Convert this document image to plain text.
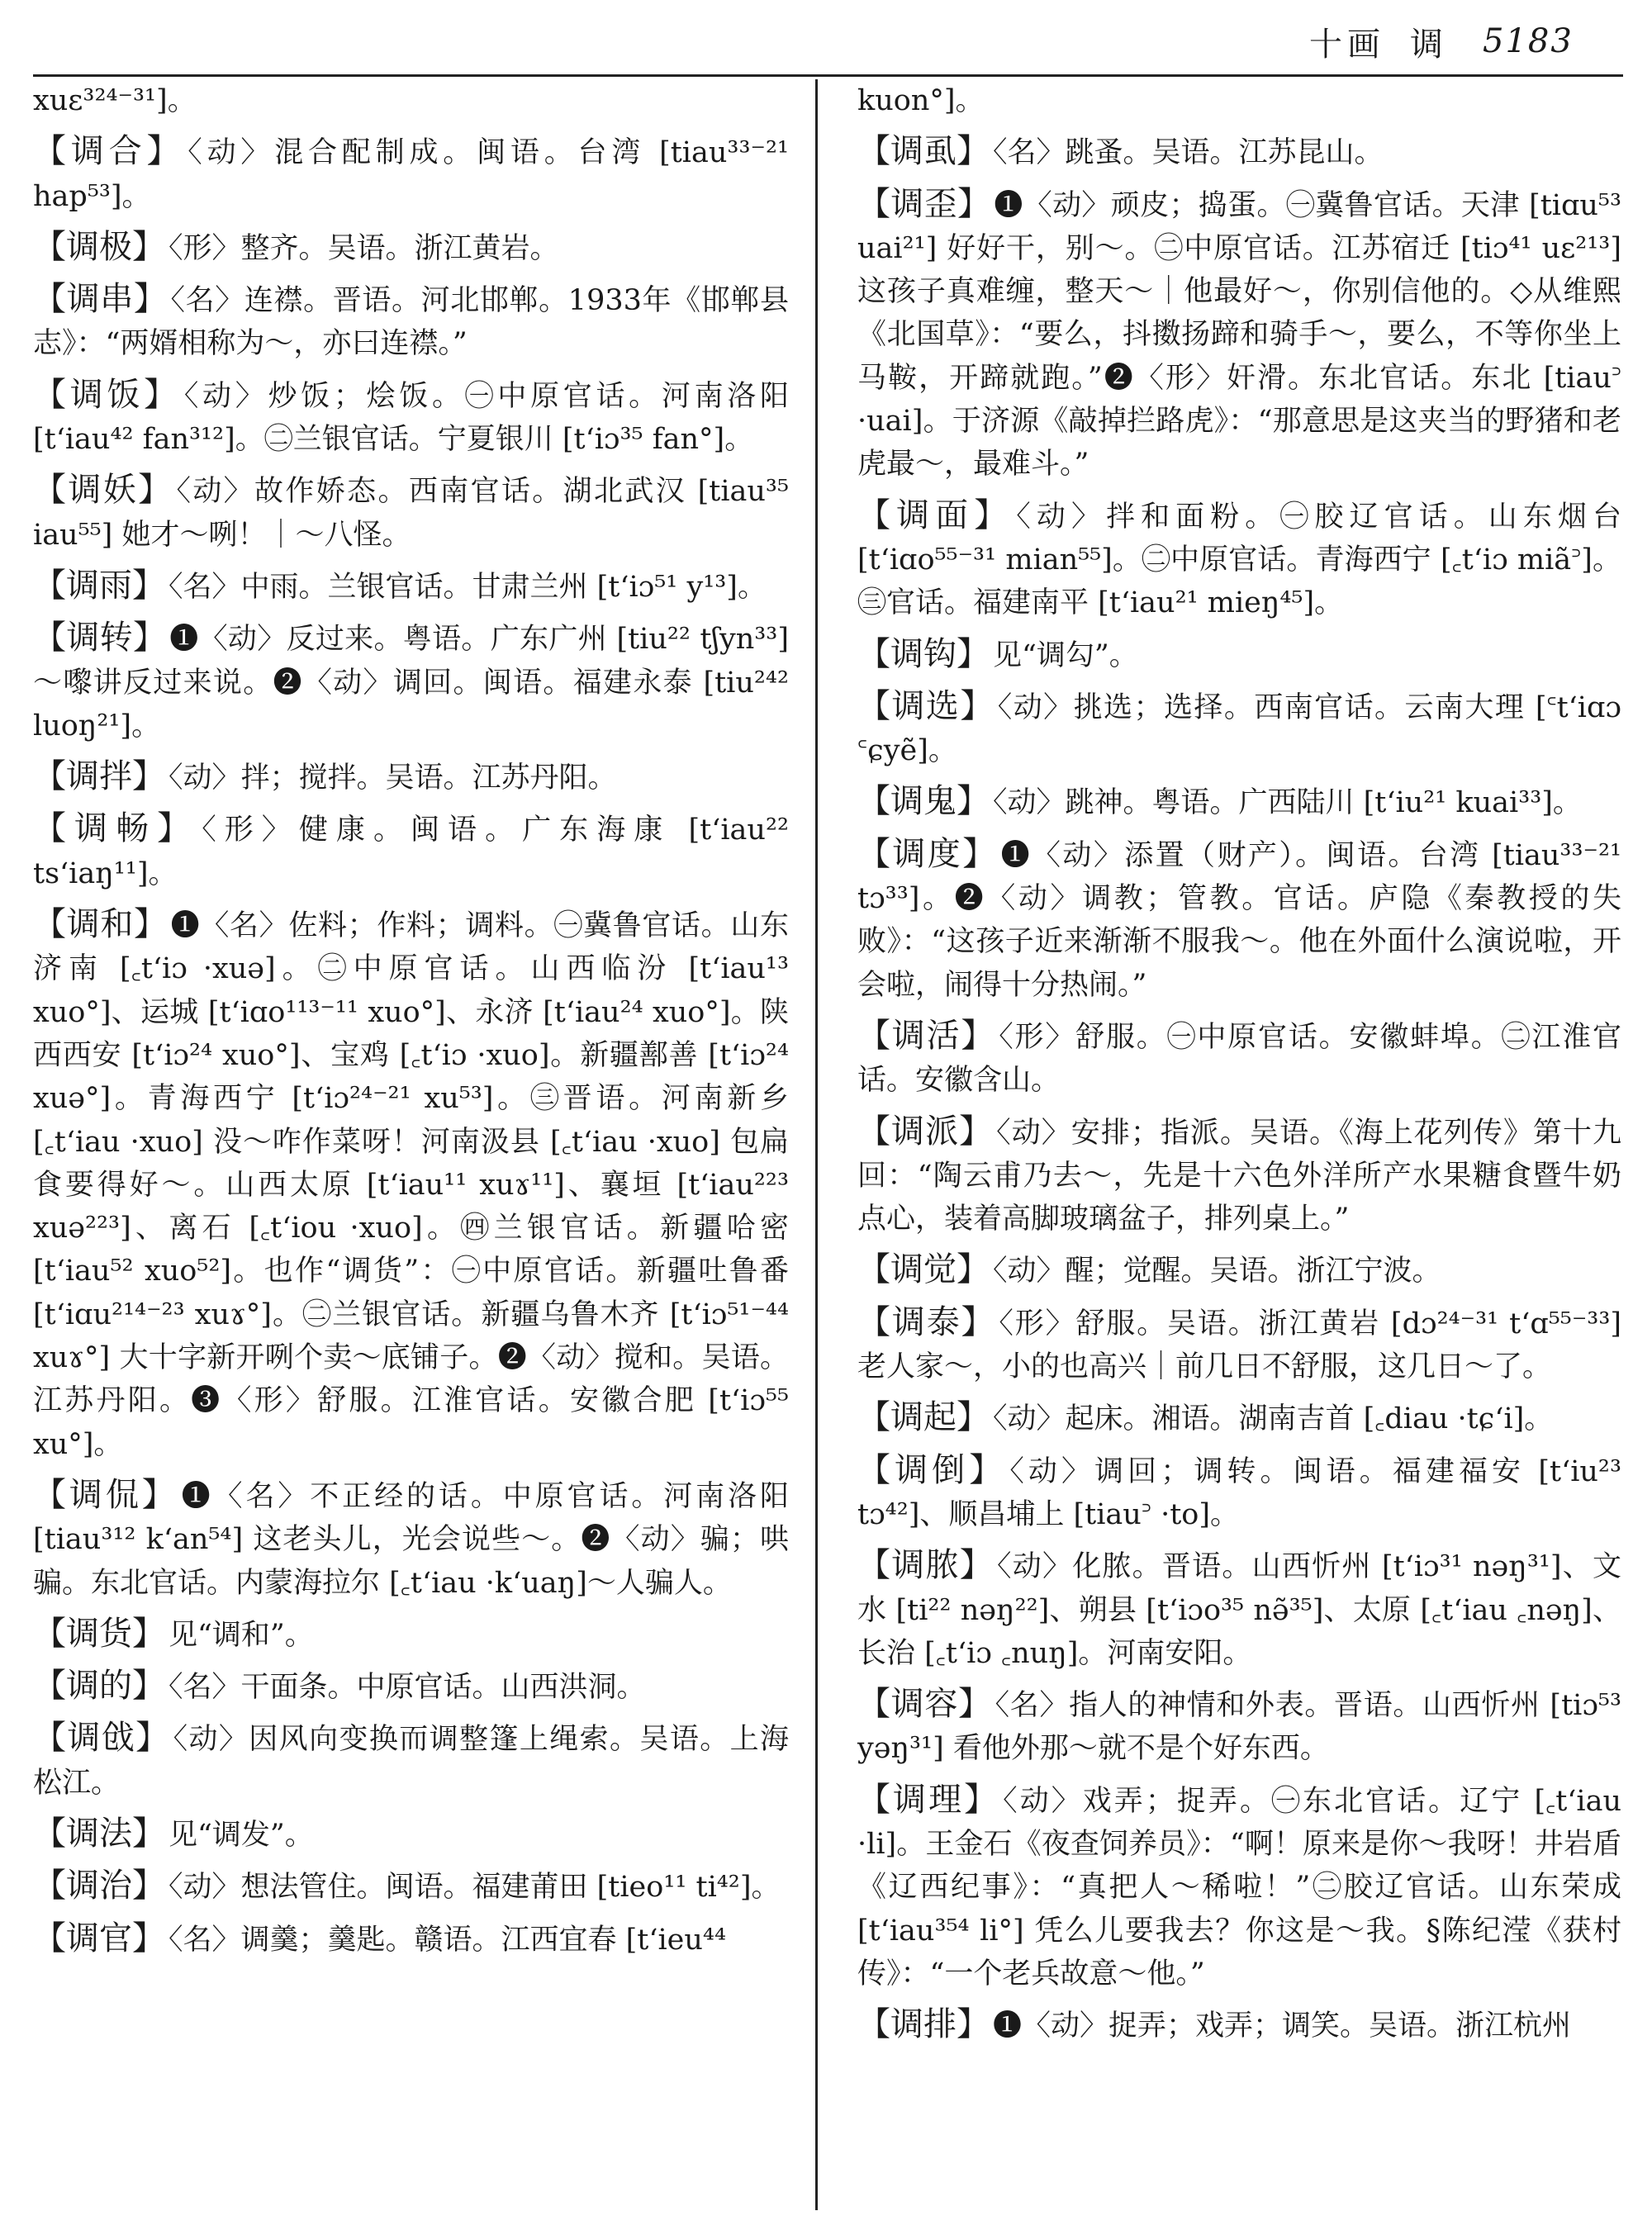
十画 调 5183

xuɛ³²⁴⁻³¹]。

【调合】 〈动〉混合配制成。闽语。台湾 [tiau³³⁻²¹ hap⁵³]。

【调极】 〈形〉整齐。吴语。浙江黄岩。

【调串】 〈名〉连襟。晋语。河北邯郸。1933年《邯郸县志》：“两婿相称为～，亦曰连襟。”

【调饭】 〈动〉炒饭；烩饭。㊀中原官话。河南洛阳 [tʻiau⁴² fan³¹²]。㊁兰银官话。宁夏银川 [tʻiɔ³⁵ fan°]。

【调妖】 〈动〉故作娇态。西南官话。湖北武汉 [tiau³⁵ iau⁵⁵] 她才～咧！｜～八怪。

【调雨】 〈名〉中雨。兰银官话。甘肃兰州 [tʻiɔ⁵¹ y¹³]。

【调转】 ❶〈动〉反过来。粤语。广东广州 [tiu²² tʃyn³³] ～嚟讲反过来说。❷〈动〉调回。闽语。福建永泰 [tiu²⁴² luoŋ²¹]。

【调拌】 〈动〉拌；搅拌。吴语。江苏丹阳。

【调畅】 〈形〉健康。闽语。广东海康 [tʻiau²² tsʻiaŋ¹¹]。

【调和】 ❶〈名〉佐料；作料；调料。㊀冀鲁官话。山东济南 [꜀tʻiɔ ·xuə]。㊁中原官话。山西临汾 [tʻiau¹³ xuo°]、运城 [tʻiɑo¹¹³⁻¹¹ xuo°]、永济 [tʻiau²⁴ xuo°]。陕西西安 [tʻiɔ²⁴ xuo°]、宝鸡 [꜀tʻiɔ ·xuo]。新疆鄯善 [tʻiɔ²⁴ xuə°]。青海西宁 [tʻiɔ²⁴⁻²¹ xu⁵³]。㊂晋语。河南新乡 [꜀tʻiau ·xuo] 没～咋作菜呀！河南汲县 [꜀tʻiau ·xuo] 包扁食要得好～。山西太原 [tʻiau¹¹ xuɤ¹¹]、襄垣 [tʻiau²²³ xuə²²³]、离石 [꜀tʻiou ·xuo]。㊃兰银官话。新疆哈密 [tʻiau⁵² xuo⁵²]。也作“调货”：㊀中原官话。新疆吐鲁番 [tʻiɑu²¹⁴⁻²³ xuɤ°]。㊁兰银官话。新疆乌鲁木齐 [tʻiɔ⁵¹⁻⁴⁴ xuɤ°] 大十字新开咧个卖～底铺子。❷〈动〉搅和。吴语。江苏丹阳。❸〈形〉舒服。江淮官话。安徽合肥 [tʻiɔ⁵⁵ xu°]。

【调侃】 ❶〈名〉不正经的话。中原官话。河南洛阳 [tiau³¹² kʻan⁵⁴] 这老头儿，光会说些～。❷〈动〉骗；哄骗。东北官话。内蒙海拉尔 [꜀tʻiau ·kʻuaŋ]～人骗人。

【调货】 见“调和”。

【调的】 〈名〉干面条。中原官话。山西洪洞。

【调戗】 〈动〉因风向变换而调整篷上绳索。吴语。上海松江。

【调法】 见“调发”。

【调治】 〈动〉想法管住。闽语。福建莆田 [tieo¹¹ ti⁴²]。

【调官】 〈名〉调羹；羹匙。赣语。江西宜春 [tʻieu⁴⁴

kuon°]。

【调虱】 〈名〉跳蚤。吴语。江苏昆山。

【调歪】 ❶〈动〉顽皮；捣蛋。㊀冀鲁官话。天津 [tiɑu⁵³ uai²¹] 好好干，别～。㊁中原官话。江苏宿迁 [tiɔ⁴¹ uɛ²¹³] 这孩子真难缠，整天～｜他最好～，你别信他的。◇从维熙《北国草》：“要么，抖擞扬蹄和骑手～，要么，不等你坐上马鞍，开蹄就跑。”❷〈形〉奸滑。东北官话。东北 [tiau꜄ ·uai]。于济源《敲掉拦路虎》：“那意思是这夹当的野猪和老虎最～，最难斗。”

【调面】 〈动〉拌和面粉。㊀胶辽官话。山东烟台 [tʻiɑo⁵⁵⁻³¹ mian⁵⁵]。㊁中原官话。青海西宁 [꜀tʻiɔ miã꜄]。㊂官话。福建南平 [tʻiau²¹ mieŋ⁴⁵]。

【调钩】 见“调勾”。

【调选】 〈动〉挑选；选择。西南官话。云南大理 [꜂tʻiɑɔ ꜂ɕyẽ]。

【调鬼】 〈动〉跳神。粤语。广西陆川 [tʻiu²¹ kuai³³]。

【调度】 ❶〈动〉添置（财产）。闽语。台湾 [tiau³³⁻²¹ tɔ³³]。❷〈动〉调教；管教。官话。庐隐《秦教授的失败》：“这孩子近来渐渐不服我～。他在外面什么演说啦，开会啦，闹得十分热闹。”

【调活】 〈形〉舒服。㊀中原官话。安徽蚌埠。㊁江淮官话。安徽含山。

【调派】 〈动〉安排；指派。吴语。《海上花列传》第十九回：“陶云甫乃去～，先是十六色外洋所产水果糖食暨牛奶点心，装着高脚玻璃盆子，排列桌上。”

【调觉】 〈动〉醒；觉醒。吴语。浙江宁波。

【调泰】 〈形〉舒服。吴语。浙江黄岩 [dɔ²⁴⁻³¹ tʻɑ⁵⁵⁻³³] 老人家～，小的也高兴｜前几日不舒服，这几日～了。

【调起】 〈动〉起床。湘语。湖南吉首 [꜀diau ·tɕʻi]。

【调倒】 〈动〉调回；调转。闽语。福建福安 [tʻiu²³ tɔ⁴²]、顺昌埔上 [tiau꜄ ·to]。

【调脓】 〈动〉化脓。晋语。山西忻州 [tʻiɔ³¹ nəŋ³¹]、文水 [ti²² nəŋ²²]、朔县 [tʻiɔo³⁵ nə̃³⁵]、太原 [꜀tʻiau ꜀nəŋ]、长治 [꜀tʻiɔ ꜀nuŋ]。河南安阳。

【调容】 〈名〉指人的神情和外表。晋语。山西忻州 [tiɔ⁵³ yəŋ³¹] 看他外那～就不是个好东西。

【调理】 〈动〉戏弄；捉弄。㊀东北官话。辽宁 [꜀tʻiau ·li]。王金石《夜查饲养员》：“啊！原来是你～我呀！井岩盾《辽西纪事》：“真把人～稀啦！”㊁胶辽官话。山东荣成 [tʻiau³⁵⁴ li°] 凭么儿要我去？你这是～我。§陈纪滢《获村传》：“一个老兵故意～他。”

【调排】 ❶〈动〉捉弄；戏弄；调笑。吴语。浙江杭州
